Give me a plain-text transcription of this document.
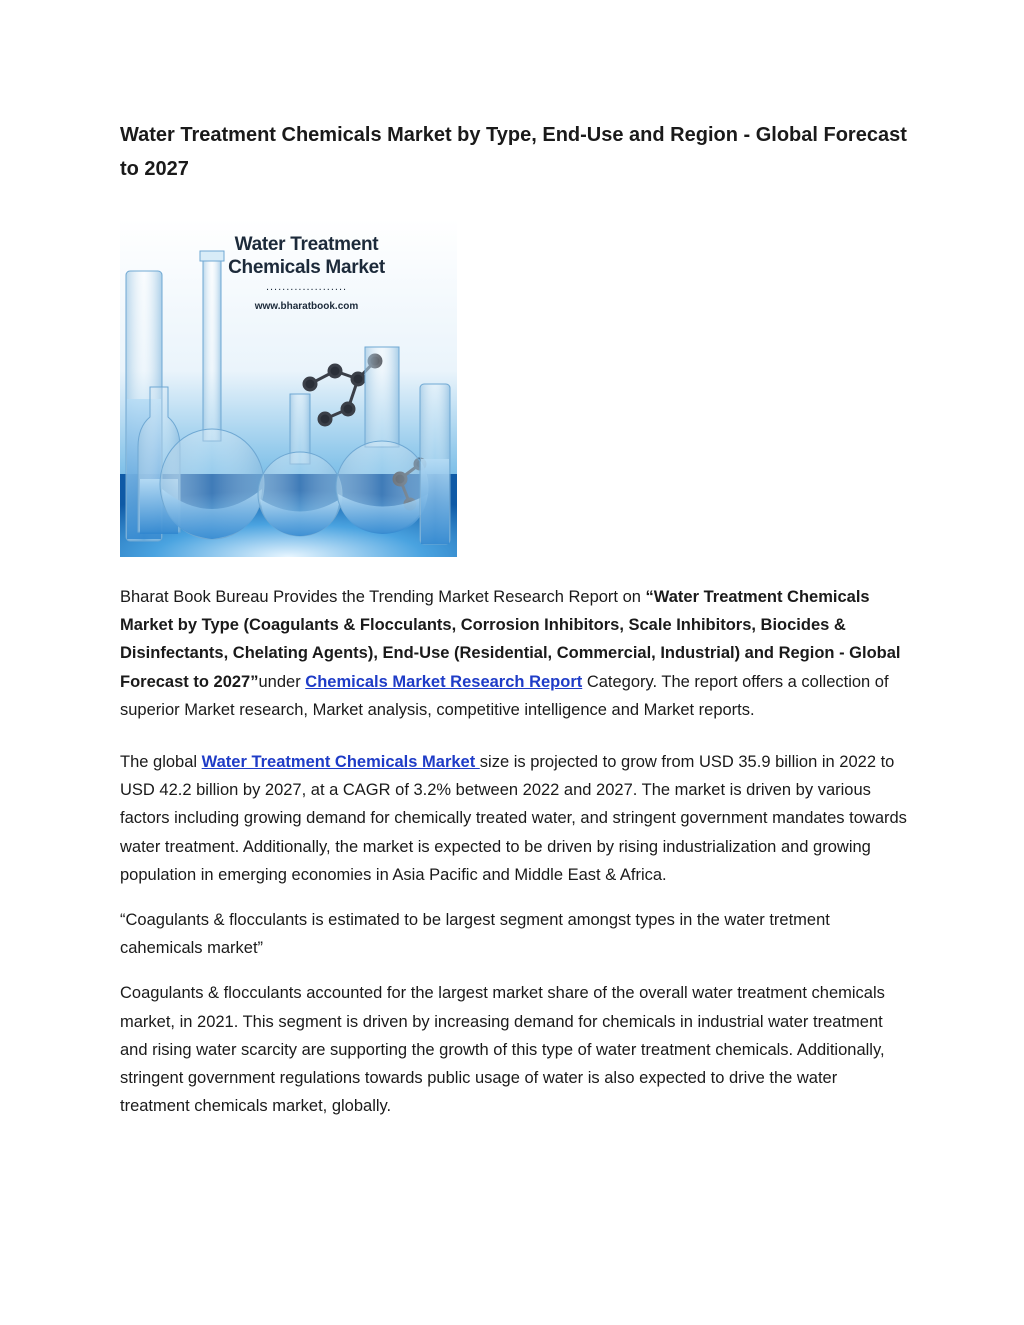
Water Treatment Chemicals Market by Type, End-Use and Region - Global Forecast to 2027
Water Treatment
Chemicals Market
....................
www.bharatbook.com

Bharat Book Bureau Provides the Trending Market Research Report on “Water Treatment Chemicals Market by Type (Coagulants & Flocculants, Corrosion Inhibitors, Scale Inhibitors, Biocides & Disinfectants, Chelating Agents), End-Use (Residential, Commercial, Industrial) and Region - Global Forecast to 2027”under Chemicals Market Research Report Category. The report offers a collection of superior Market research, Market analysis, competitive intelligence and Market reports.

The global Water Treatment Chemicals Market size is projected to grow from USD 35.9 billion in 2022 to USD 42.2 billion by 2027, at a CAGR of 3.2% between 2022 and 2027. The market is driven by various factors including growing demand for chemically treated water, and stringent government mandates towards water treatment. Additionally, the market is expected to be driven by rising industrialization and growing population in emerging economies in Asia Pacific and Middle East & Africa.

“Coagulants & flocculants is estimated to be largest segment amongst types in the water tretment cahemicals market”

Coagulants & flocculants accounted for the largest market share of the overall water treatment chemicals market, in 2021. This segment is driven by increasing demand for chemicals in industrial water treatment and rising water scarcity are supporting the growth of this type of water treatment chemicals. Additionally, stringent government regulations towards public usage of water is also expected to drive the water treatment chemicals market, globally.
